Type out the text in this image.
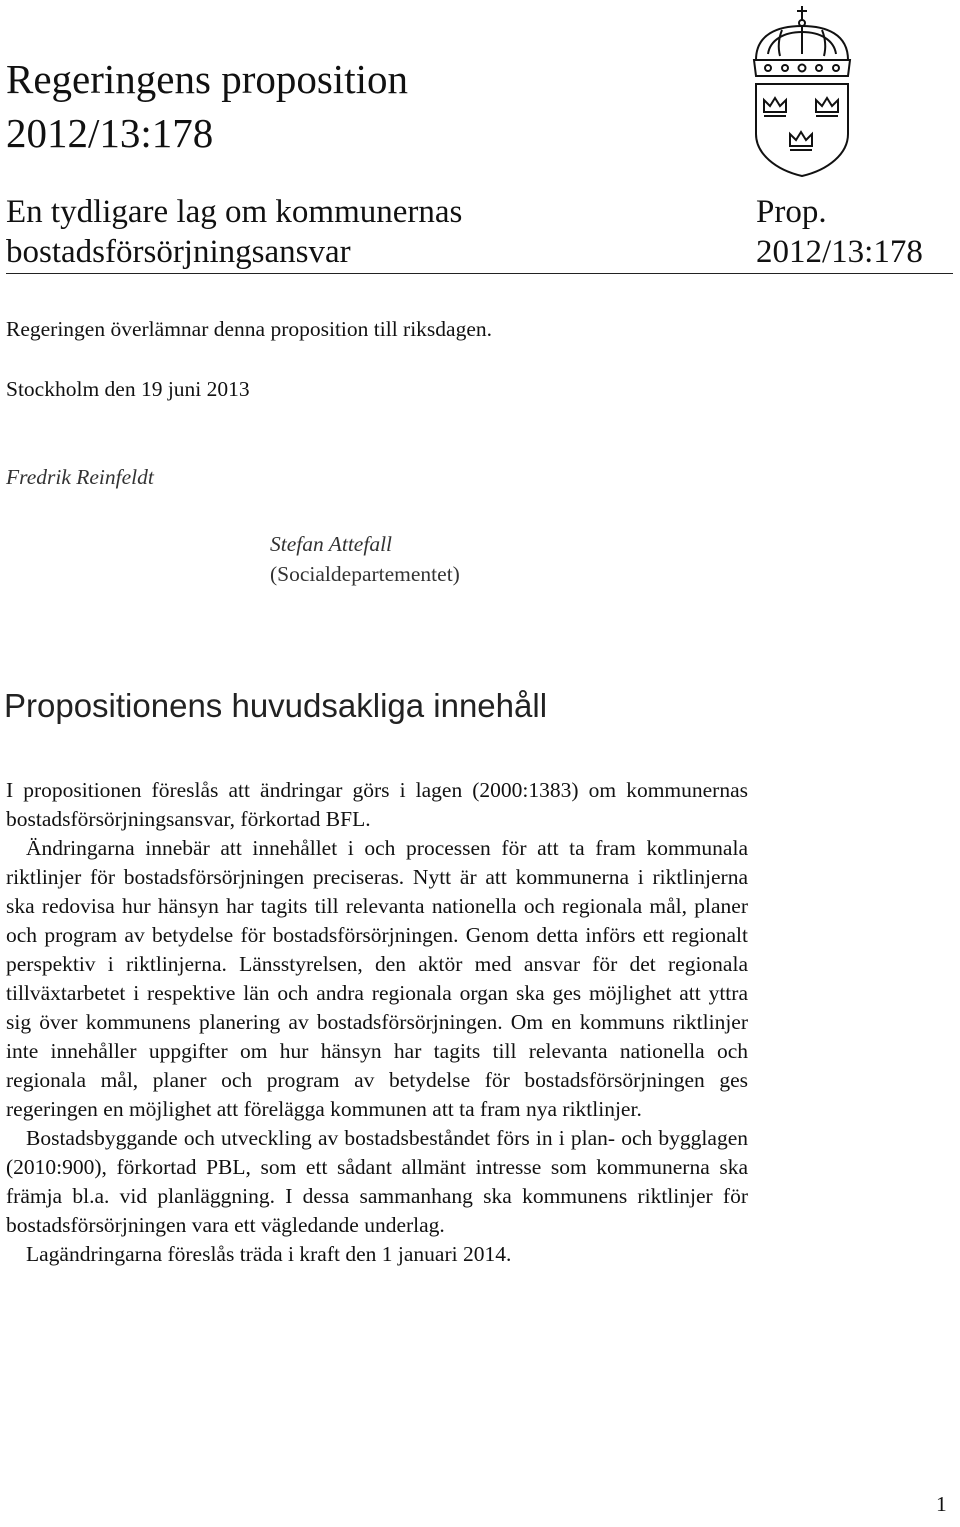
Regeringens proposition
2012/13:178
En tydligare lag om kommunernas
bostadsförsörjningsansvar
Prop.
2012/13:178
Regeringen överlämnar denna proposition till riksdagen.
Stockholm den 19 juni 2013
Fredrik Reinfeldt
Stefan Attefall
(Socialdepartementet)
Propositionens huvudsakliga innehåll

I propositionen föreslås att ändringar görs i lagen (2000:1383) om kommunernas bostadsförsörjningsansvar, förkortad BFL.

Ändringarna innebär att innehållet i och processen för att ta fram kommunala riktlinjer för bostadsförsörjningen preciseras. Nytt är att kommunerna i riktlinjerna ska redovisa hur hänsyn har tagits till relevanta nationella och regionala mål, planer och program av betydelse för bostadsförsörjningen. Genom detta införs ett regionalt perspektiv i riktlinjerna. Länsstyrelsen, den aktör med ansvar för det regionala tillväxtarbetet i respektive län och andra regionala organ ska ges möjlighet att yttra sig över kommunens planering av bostadsförsörjningen. Om en kommuns riktlinjer inte innehåller uppgifter om hur hänsyn har tagits till relevanta nationella och regionala mål, planer och program av betydelse för bostadsförsörjningen ges regeringen en möjlighet att förelägga kommunen att ta fram nya riktlinjer.

Bostadsbyggande och utveckling av bostadsbeståndet förs in i plan- och bygglagen (2010:900), förkortad PBL, som ett sådant allmänt intresse som kommunerna ska främja bl.a. vid planläggning. I dessa sammanhang ska kommunens riktlinjer för bostadsförsörjningen vara ett vägledande underlag.

Lagändringarna föreslås träda i kraft den 1 januari 2014.

1
